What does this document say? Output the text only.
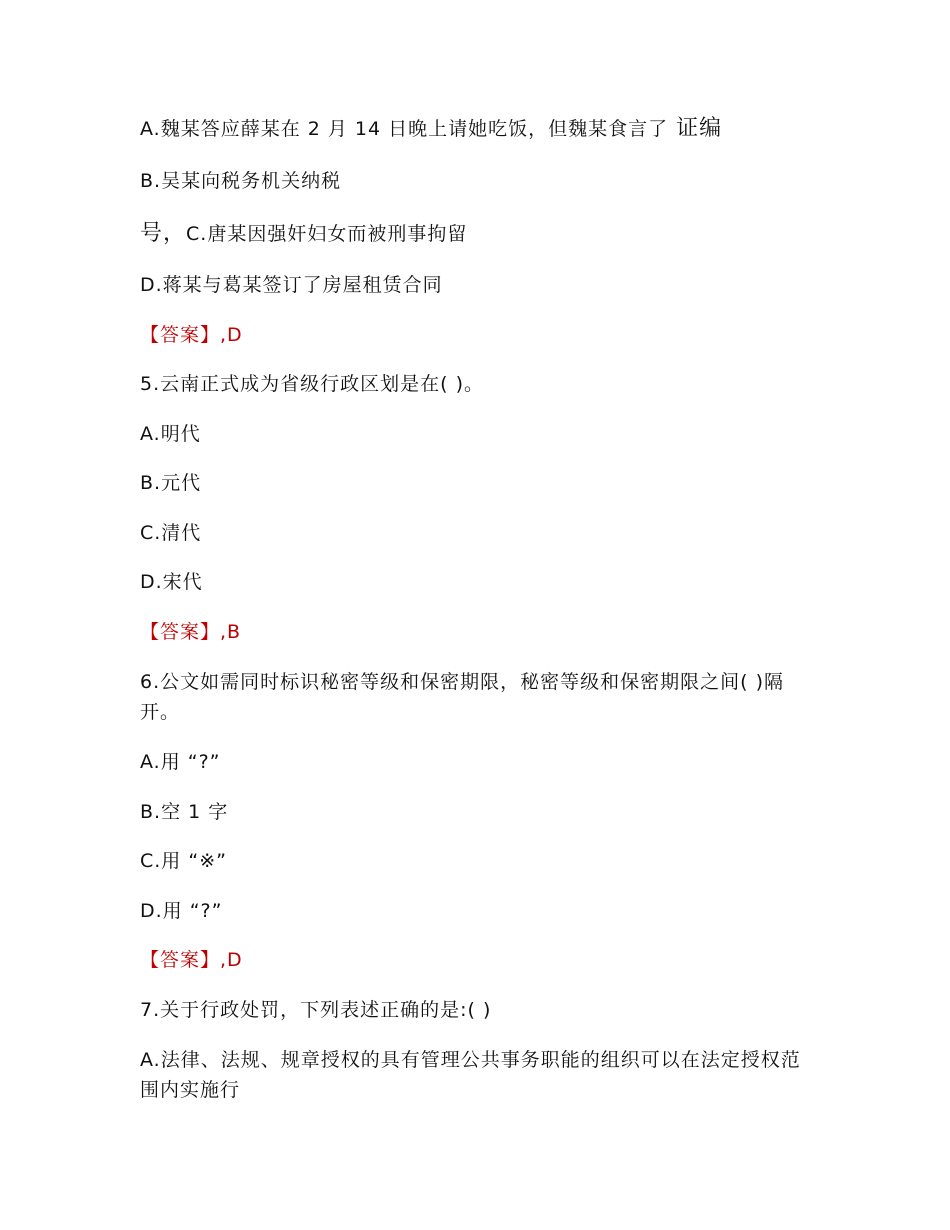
A.魏某答应薛某在 2 月 14 日晚上请她吃饭，但魏某食言了 证编
B.吴某向税务机关纳税
号，C.唐某因强奸妇女而被刑事拘留
D.蒋某与葛某签订了房屋租赁合同
【答案】,D
5.云南正式成为省级行政区划是在( )。
A.明代
B.元代
C.清代
D.宋代
【答案】,B
6.公文如需同时标识秘密等级和保密期限，秘密等级和保密期限之间( )隔开。
A.用 “?”
B.空 1 字
C.用 “※”
D.用 “?”
【答案】,D
7.关于行政处罚，下列表述正确的是:( )
A.法律、法规、规章授权的具有管理公共事务职能的组织可以在法定授权范围内实施行
